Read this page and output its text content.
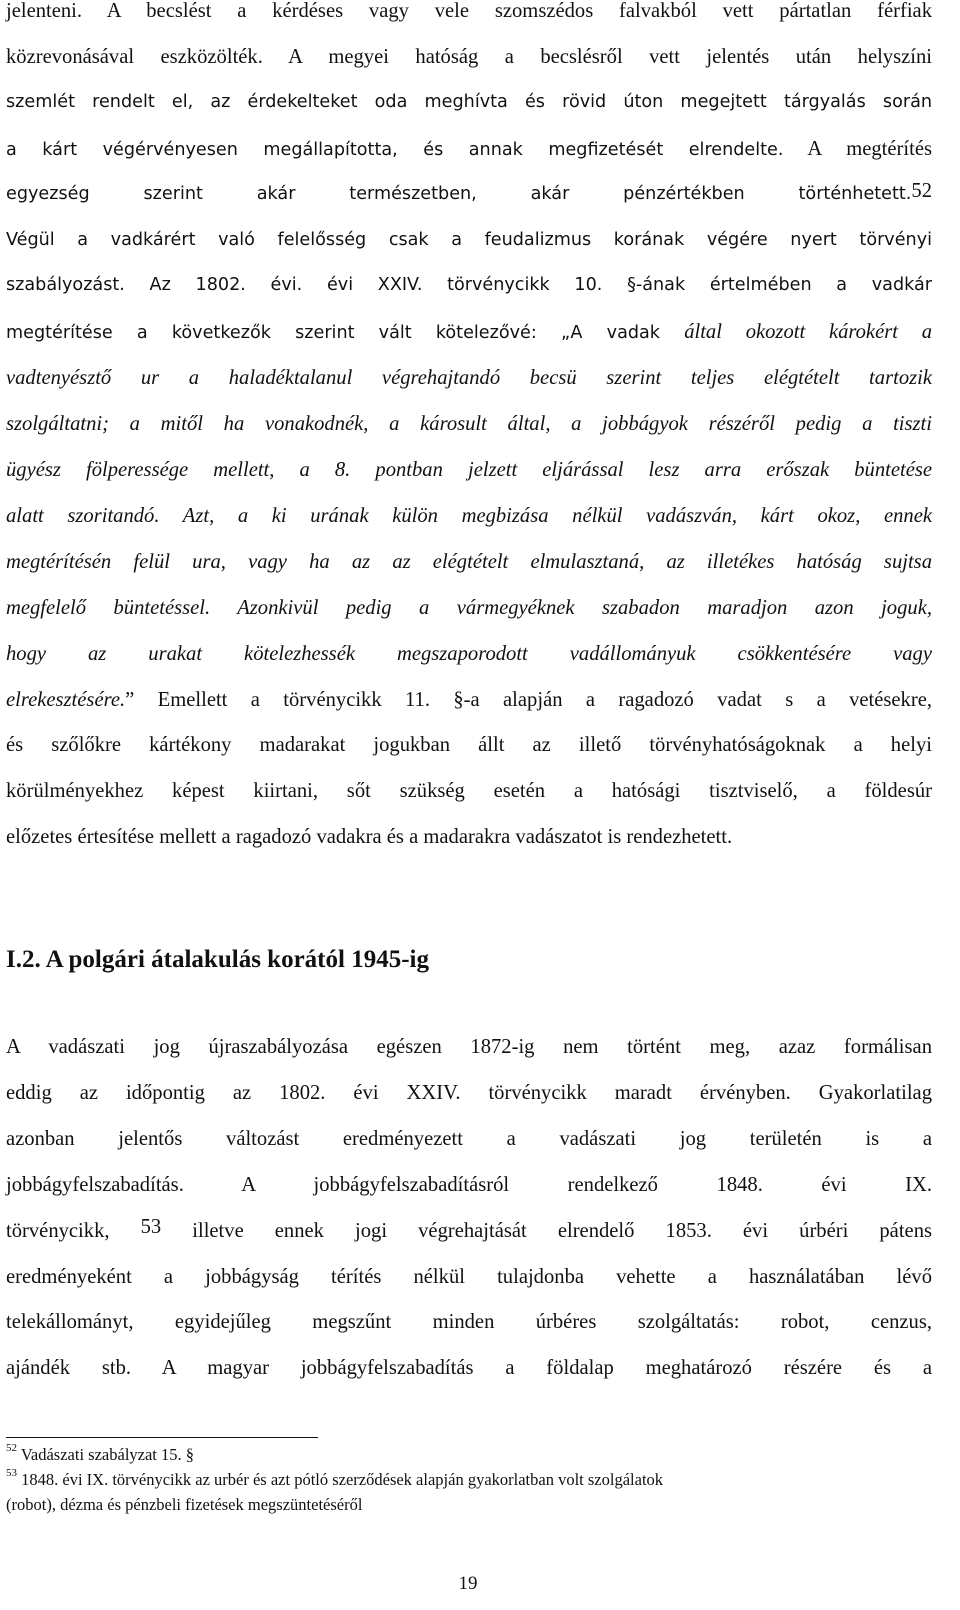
jelenteni. A becslést a kérdéses vagy vele szomszédos falvakból vett pártatlan férfiak
közrevonásával eszközölték. A megyei hatóság a becslésről vett jelentés után helyszíni
szemlét rendelt el, az érdekelteket oda meghívta és rövid úton megejtett tárgyalás során
a kárt végérvényesen megállapította, és annak megfizetését elrendelte. A megtérítés
egyezség szerint akár természetben, akár pénzértékben történhetett.$^{52}$
Végül a vadkárért való felelősség csak a feudalizmus korának végére nyert törvényi
szabályozást. Az 1802. évi. évi XXIV. törvénycikk 10. §-ának értelmében a vadkár
megtérítése a következők szerint vált kötelezővé: „A vadak által okozott károkért a
vadtenyésztő ur a haladéktalanul végrehajtandó becsü szerint teljes elégtételt tartozik
szolgáltatni; a mitől ha vonakodnék, a károsult által, a jobbágyok részéről pedig a tiszti
ügyész fölperessége mellett, a 8. pontban jelzett eljárással lesz arra erőszak büntetése
alatt szoritandó. Azt, a ki urának külön megbizása nélkül vadászván, kárt okoz, ennek
megtérítésén felül ura, vagy ha az az elégtételt elmulasztaná, az illetékes hatóság sujtsa
megfelelő büntetéssel. Azonkivül pedig a vármegyéknek szabadon maradjon azon joguk,
hogy az urakat kötelezhessék megszaporodott vadállományuk csökkentésére vagy
elrekesztésére.” Emellett a törvénycikk 11. §-a alapján a ragadozó vadat s a vetésekre,
és szőlőkre kártékony madarakat jogukban állt az illető törvényhatóságoknak a helyi
körülményekhez képest kiirtani, sőt szükség esetén a hatósági tisztviselő, a földesúr
előzetes értesítése mellett a ragadozó vadakra és a madarakra vadászatot is rendezhetett.
I.2. A polgári átalakulás korától 1945-ig
A vadászati jog újraszabályozása egészen 1872-ig nem történt meg, azaz formálisan
eddig az időpontig az 1802. évi XXIV. törvénycikk maradt érvényben. Gyakorlatilag
azonban jelentős változást eredményezett a vadászati jog területén is a
jobbágyfelszabadítás. A jobbágyfelszabadításról rendelkező 1848. évi IX.
törvénycikk, $^{53}$ illetve ennek jogi végrehajtását elrendelő 1853. évi úrbéri pátens
eredményeként a jobbágyság térítés nélkül tulajdonba vehette a használatában lévő
telekállományt, egyidejűleg megszűnt minden úrbéres szolgáltatás: robot, cenzus,
ajándék stb. A magyar jobbágyfelszabadítás a földalap meghatározó részére és a
$^{52}$ Vadászati szabályzat 15. §
$^{53}$ 1848. évi IX. törvénycikk az urbér és azt pótló szerződések alapján gyakorlatban volt szolgálatok
(robot), dézma és pénzbeli fizetések megszüntetéséről
19
